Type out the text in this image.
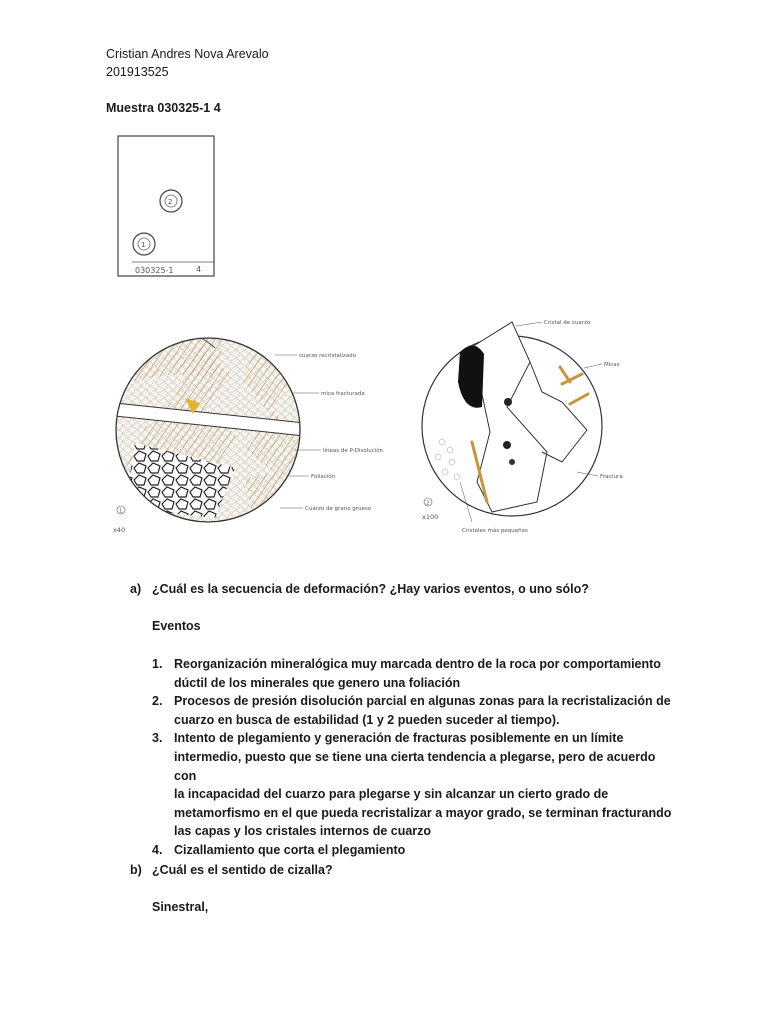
Cristian Andres Nova Arevalo
201913525
Muestra 030325-1 4
2
1
030325-1	4
cuarzo recristalizado
mica fracturada
líneas de P-Disolución
Foliación
Cuarzo de grano grueso
1
x40
Cristal de cuarzo
Micas
Fractura
Cristales más pequeños
2
x100
a) ¿Cuál es la secuencia de deformación? ¿Hay varios eventos, o uno sólo?
Eventos
1. Reorganización mineralógica muy marcada dentro de la roca por comportamiento
dúctil de los minerales que genero una foliación
2. Procesos de presión disolución parcial en algunas zonas para la recristalización de
cuarzo en busca de estabilidad (1 y 2 pueden suceder al tiempo).
3. Intento de plegamiento y generación de fracturas posiblemente en un límite
intermedio, puesto que se tiene una cierta tendencia a plegarse, pero de acuerdo con
la incapacidad del cuarzo para plegarse y sin alcanzar un cierto grado de
metamorfismo en el que pueda recristalizar a mayor grado, se terminan fracturando
las capas y los cristales internos de cuarzo
4. Cizallamiento que corta el plegamiento
b) ¿Cuál es el sentido de cizalla?
Sinestral,
